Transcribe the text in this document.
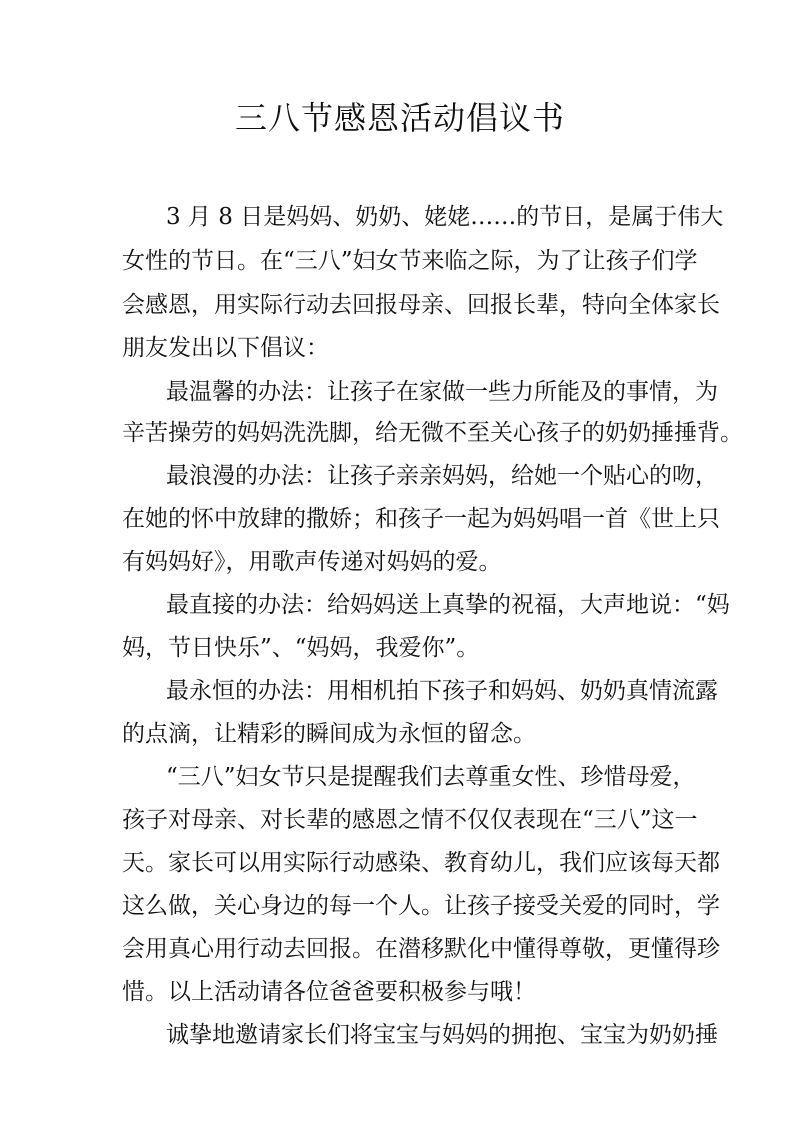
三八节感恩活动倡议书

3 月 8 日是妈妈、奶奶、姥姥……的节日，是属于伟大

女性的节日。在“三八”妇女节来临之际，为了让孩子们学

会感恩，用实际行动去回报母亲、回报长辈，特向全体家长

朋友发出以下倡议：

最温馨的办法：让孩子在家做一些力所能及的事情，为

辛苦操劳的妈妈洗洗脚，给无微不至关心孩子的奶奶捶捶背。

最浪漫的办法：让孩子亲亲妈妈，给她一个贴心的吻，

在她的怀中放肆的撒娇；和孩子一起为妈妈唱一首《世上只

有妈妈好》，用歌声传递对妈妈的爱。

最直接的办法：给妈妈送上真挚的祝福，大声地说：“妈

妈，节日快乐”、“妈妈，我爱你”。

最永恒的办法：用相机拍下孩子和妈妈、奶奶真情流露

的点滴，让精彩的瞬间成为永恒的留念。

“三八”妇女节只是提醒我们去尊重女性、珍惜母爱，

孩子对母亲、对长辈的感恩之情不仅仅表现在“三八”这一

天。家长可以用实际行动感染、教育幼儿，我们应该每天都

这么做，关心身边的每一个人。让孩子接受关爱的同时，学

会用真心用行动去回报。在潜移默化中懂得尊敬，更懂得珍

惜。以上活动请各位爸爸要积极参与哦！

诚挚地邀请家长们将宝宝与妈妈的拥抱、宝宝为奶奶捶
